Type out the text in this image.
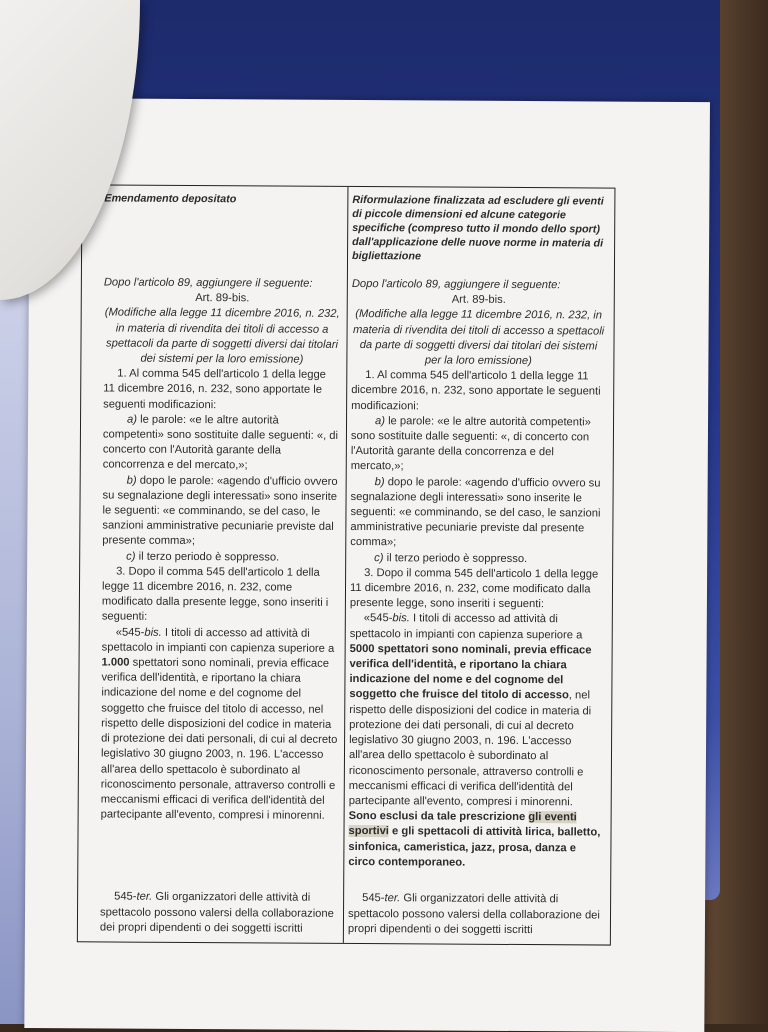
Emendamento depositato

Dopo l'articolo 89, aggiungere il seguente:

Art. 89-bis.

(Modifiche alla legge 11 dicembre 2016, n. 232, in materia di rivendita dei titoli di accesso a spettacoli da parte di soggetti diversi dai titolari dei sistemi per la loro emissione)

1. Al comma 545 dell'articolo 1 della legge 11 dicembre 2016, n. 232, sono apportate le seguenti modificazioni:

a) le parole: «e le altre autorità competenti» sono sostituite dalle seguenti: «, di concerto con l'Autorità garante della concorrenza e del mercato,»;

b) dopo le parole: «agendo d'ufficio ovvero su segnalazione degli interessati» sono inserite le seguenti: «e comminando, se del caso, le sanzioni amministrative pecuniarie previste dal presente comma»;

c) il terzo periodo è soppresso.

3. Dopo il comma 545 dell'articolo 1 della legge 11 dicembre 2016, n. 232, come modificato dalla presente legge, sono inseriti i seguenti:

«545-bis. I titoli di accesso ad attività di spettacolo in impianti con capienza superiore a 1.000 spettatori sono nominali, previa efficace verifica dell'identità, e riportano la chiara indicazione del nome e del cognome del soggetto che fruisce del titolo di accesso, nel rispetto delle disposizioni del codice in materia di protezione dei dati personali, di cui al decreto legislativo 30 giugno 2003, n. 196. L'accesso all'area dello spettacolo è subordinato al riconoscimento personale, attraverso controlli e meccanismi efficaci di verifica dell'identità del partecipante all'evento, compresi i minorenni.

545-ter. Gli organizzatori delle attività di spettacolo possono valersi della collaborazione dei propri dipendenti o dei soggetti iscritti

Riformulazione finalizzata ad escludere gli eventi di piccole dimensioni ed alcune categorie specifiche (compreso tutto il mondo dello sport) dall'applicazione delle nuove norme in materia di bigliettazione

Dopo l'articolo 89, aggiungere il seguente:

Art. 89-bis.

(Modifiche alla legge 11 dicembre 2016, n. 232, in materia di rivendita dei titoli di accesso a spettacoli da parte di soggetti diversi dai titolari dei sistemi per la loro emissione)

1. Al comma 545 dell'articolo 1 della legge 11 dicembre 2016, n. 232, sono apportate le seguenti modificazioni:

a) le parole: «e le altre autorità competenti» sono sostituite dalle seguenti: «, di concerto con l'Autorità garante della concorrenza e del mercato,»;

b) dopo le parole: «agendo d'ufficio ovvero su segnalazione degli interessati» sono inserite le seguenti: «e comminando, se del caso, le sanzioni amministrative pecuniarie previste dal presente comma»;

c) il terzo periodo è soppresso.

3. Dopo il comma 545 dell'articolo 1 della legge 11 dicembre 2016, n. 232, come modificato dalla presente legge, sono inseriti i seguenti:

«545-bis. I titoli di accesso ad attività di spettacolo in impianti con capienza superiore a 5000 spettatori sono nominali, previa efficace verifica dell'identità, e riportano la chiara indicazione del nome e del cognome del soggetto che fruisce del titolo di accesso, nel rispetto delle disposizioni del codice in materia di protezione dei dati personali, di cui al decreto legislativo 30 giugno 2003, n. 196. L'accesso all'area dello spettacolo è subordinato al riconoscimento personale, attraverso controlli e meccanismi efficaci di verifica dell'identità del partecipante all'evento, compresi i minorenni. Sono esclusi da tale prescrizione gli eventi sportivi e gli spettacoli di attività lirica, balletto, sinfonica, cameristica, jazz, prosa, danza e circo contemporaneo.

545-ter. Gli organizzatori delle attività di spettacolo possono valersi della collaborazione dei propri dipendenti o dei soggetti iscritti
